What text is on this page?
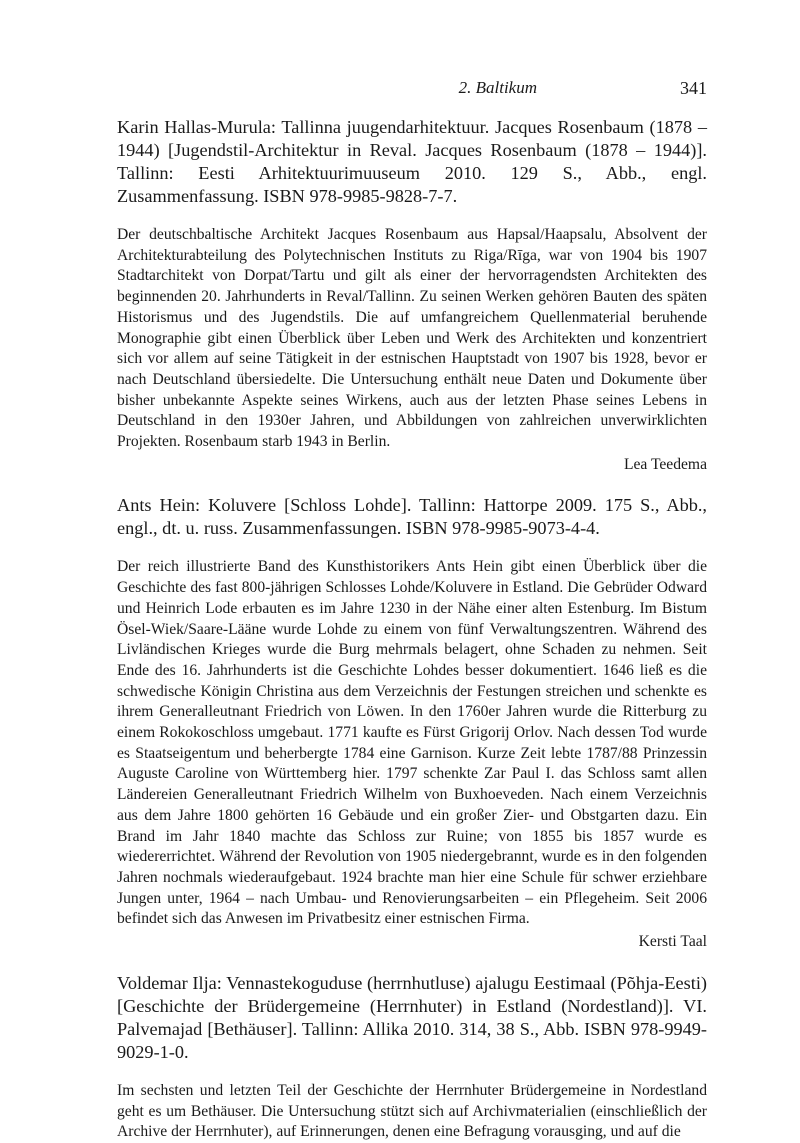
2. Baltikum	341

Karin Hallas-Murula: Tallinna juugendarhitektuur. Jacques Rosenbaum (1878 – 1944) [Jugendstil-Architektur in Reval. Jacques Rosenbaum (1878 – 1944)]. Tallinn: Eesti Arhitektuurimuuseum 2010. 129 S., Abb., engl. Zusammenfassung. ISBN 978-9985-9828-7-7.

Der deutschbaltische Architekt Jacques Rosenbaum aus Hapsal/Haapsalu, Absolvent der Architekturabteilung des Polytechnischen Instituts zu Riga/Rīga, war von 1904 bis 1907 Stadtarchitekt von Dorpat/Tartu und gilt als einer der hervorragendsten Architekten des beginnenden 20. Jahrhunderts in Reval/Tallinn. Zu seinen Werken gehören Bauten des späten Historismus und des Jugendstils. Die auf umfangreichem Quellenmaterial beruhende Monographie gibt einen Überblick über Leben und Werk des Architekten und konzentriert sich vor allem auf seine Tätigkeit in der estnischen Hauptstadt von 1907 bis 1928, bevor er nach Deutschland übersiedelte. Die Untersuchung enthält neue Daten und Dokumente über bisher unbekannte Aspekte seines Wirkens, auch aus der letzten Phase seines Lebens in Deutschland in den 1930er Jahren, und Abbildungen von zahlreichen unverwirklichten Projekten. Rosenbaum starb 1943 in Berlin.

Lea Teedema

Ants Hein: Koluvere [Schloss Lohde]. Tallinn: Hattorpe 2009. 175 S., Abb., engl., dt. u. russ. Zusammenfassungen. ISBN 978-9985-9073-4-4.

Der reich illustrierte Band des Kunsthistorikers Ants Hein gibt einen Überblick über die Geschichte des fast 800-jährigen Schlosses Lohde/Koluvere in Estland. Die Gebrüder Odward und Heinrich Lode erbauten es im Jahre 1230 in der Nähe einer alten Estenburg. Im Bistum Ösel-Wiek/Saare-Lääne wurde Lohde zu einem von fünf Verwaltungszentren. Während des Livländischen Krieges wurde die Burg mehrmals belagert, ohne Schaden zu nehmen. Seit Ende des 16. Jahrhunderts ist die Geschichte Lohdes besser dokumentiert. 1646 ließ es die schwedische Königin Christina aus dem Verzeichnis der Festungen streichen und schenkte es ihrem Generalleutnant Friedrich von Löwen. In den 1760er Jahren wurde die Ritterburg zu einem Rokokoschloss umgebaut. 1771 kaufte es Fürst Grigorij Orlov. Nach dessen Tod wurde es Staatseigentum und beherbergte 1784 eine Garnison. Kurze Zeit lebte 1787/88 Prinzessin Auguste Caroline von Württemberg hier. 1797 schenkte Zar Paul I. das Schloss samt allen Ländereien Generalleutnant Friedrich Wilhelm von Buxhoeveden. Nach einem Verzeichnis aus dem Jahre 1800 gehörten 16 Gebäude und ein großer Zier- und Obstgarten dazu. Ein Brand im Jahr 1840 machte das Schloss zur Ruine; von 1855 bis 1857 wurde es wiedererrichtet. Während der Revolution von 1905 niedergebrannt, wurde es in den folgenden Jahren nochmals wiederaufgebaut. 1924 brachte man hier eine Schule für schwer erziehbare Jungen unter, 1964 – nach Umbau- und Renovierungsarbeiten – ein Pflegeheim. Seit 2006 befindet sich das Anwesen im Privatbesitz einer estnischen Firma.

Kersti Taal

Voldemar Ilja: Vennastekoguduse (herrnhutluse) ajalugu Eestimaal (Põhja-Eesti) [Geschichte der Brüdergemeine (Herrnhuter) in Estland (Nordestland)]. VI. Palvemajad [Bethäuser]. Tallinn: Allika 2010. 314, 38 S., Abb. ISBN 978-9949-9029-1-0.

Im sechsten und letzten Teil der Geschichte der Herrnhuter Brüdergemeine in Nordestland geht es um Bethäuser. Die Untersuchung stützt sich auf Archivmaterialien (einschließlich der Archive der Herrnhuter), auf Erinnerungen, denen eine Befragung vorausging, und auf die
